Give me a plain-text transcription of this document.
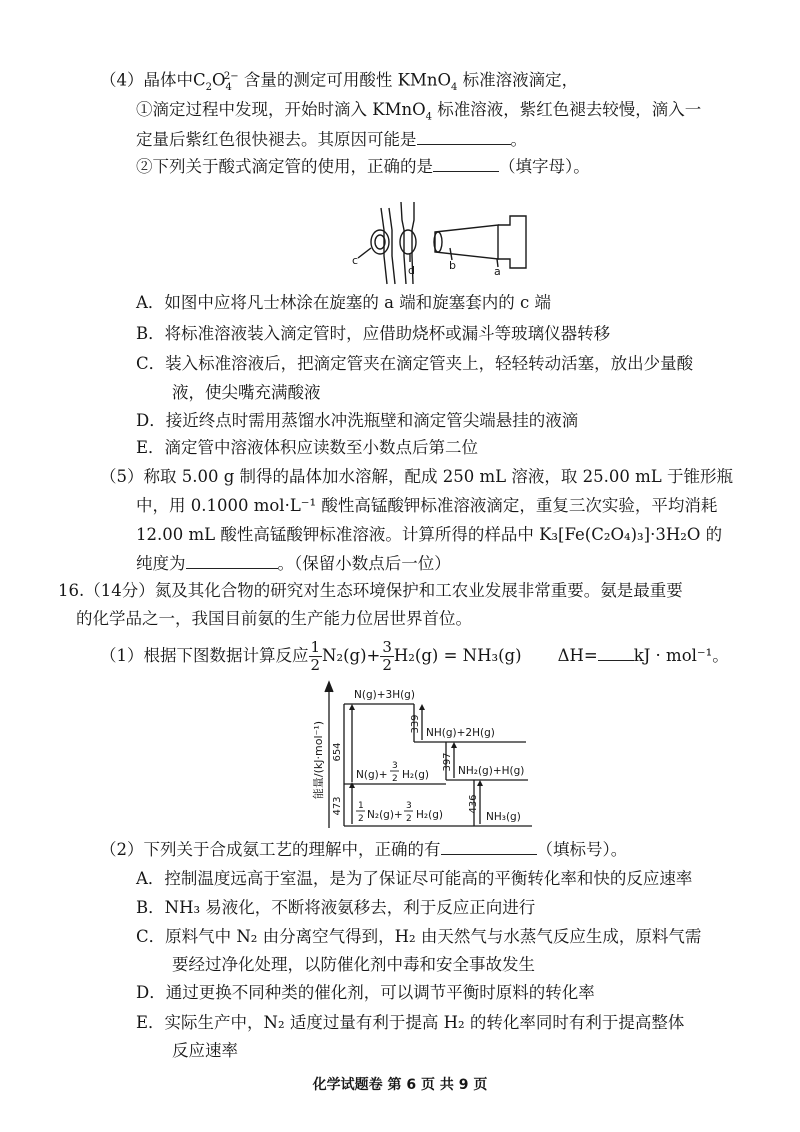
（4）晶体中$C_2O_4^{2-}$ 含量的测定可用酸性 KMnO$_4$ 标准溶液滴定，
①滴定过程中发现，开始时滴入 KMnO$_4$ 标准溶液，紫红色褪去较慢，滴入一
定量后紫红色很快褪去。其原因可能是	。
②下列关于酸式滴定管的使用，正确的是	（填字母）。
c
d	b	a
A．如图中应将凡士林涂在旋塞的 a 端和旋塞套内的 c 端
B．将标准溶液装入滴定管时，应借助烧杯或漏斗等玻璃仪器转移
C．装入标准溶液后，把滴定管夹在滴定管夹上，轻轻转动活塞，放出少量酸
液，使尖嘴充满酸液
D．接近终点时需用蒸馏水冲洗瓶壁和滴定管尖端悬挂的液滴
E．滴定管中溶液体积应读数至小数点后第二位
（5）称取 5.00 g 制得的晶体加水溶解，配成 250 mL 溶液，取 25.00 mL 于锥形瓶
中，用 0.1000 mol·L⁻¹ 酸性高锰酸钾标准溶液滴定，重复三次实验，平均消耗
12.00 mL 酸性高锰酸钾标准溶液。计算所得的样品中 K₃[Fe(C₂O₄)₃]·3H₂O 的
纯度为	。（保留小数点后一位）
16.（14分）氮及其化合物的研究对生态环境保护和工农业发展非常重要。氨是最重要
的化学品之一，我国目前氨的生产能力位居世界首位。
（1）根据下图数据计算反应 $\frac{1}{2} N_2(g)+ \frac{3}{2} H_2(g) = NH_3(g)$ ΔH= kJ · mol⁻¹。
能量/(kJ·mol⁻¹)
N(g)+3H(g)
NH(g)+2H(g)
NH₂(g)+H(g)
NH₃(g)
N(g)+
3
2 H₂(g)
1
2 N₂(g)+
3
2 H₂(g)
654
339
397
473	436
（2）下列关于合成氨工艺的理解中，正确的有	（填标号）。
A．控制温度远高于室温，是为了保证尽可能高的平衡转化率和快的反应速率
B．NH₃ 易液化，不断将液氨移去，利于反应正向进行
C．原料气中 N₂ 由分离空气得到，H₂ 由天然气与水蒸气反应生成，原料气需
要经过净化处理，以防催化剂中毒和安全事故发生
D．通过更换不同种类的催化剂，可以调节平衡时原料的转化率
E．实际生产中，N₂ 适度过量有利于提高 H₂ 的转化率同时有利于提高整体
反应速率
化学试题卷 第 6 页 共 9 页
